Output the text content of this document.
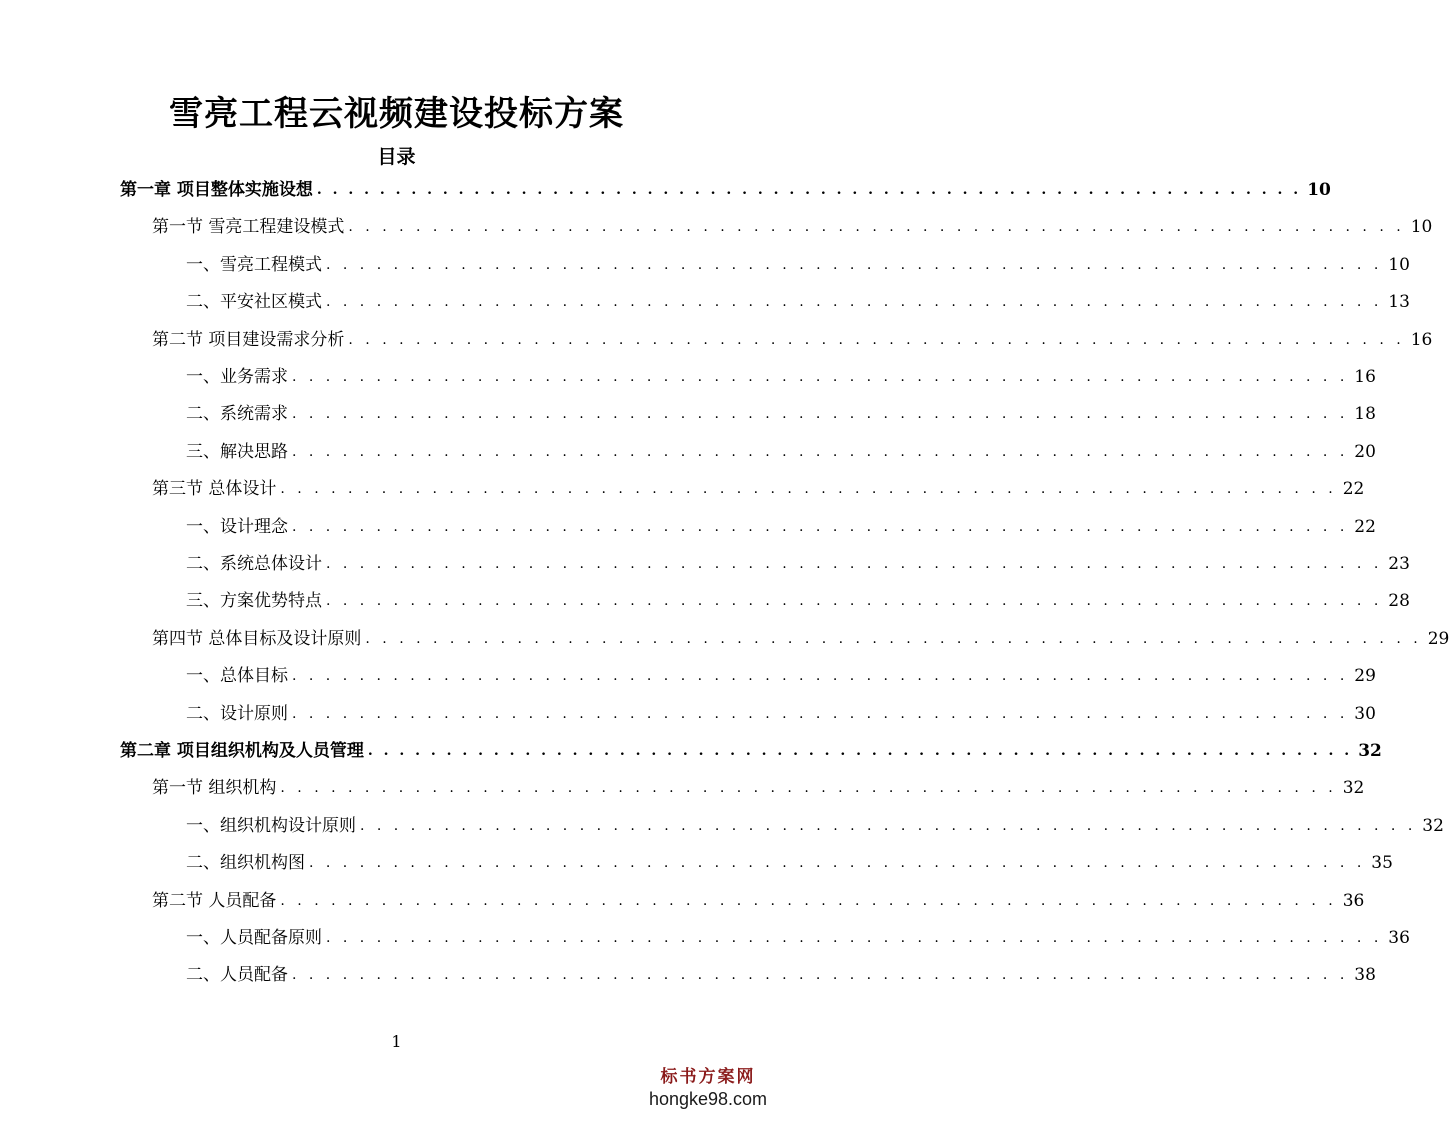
雪亮工程云视频建设投标方案
目录
第一章 项目整体实施设想 . . . . . . . . . . . . . . . . . . . . . . . . . . . . . . . . . . . . . . . . . . . . . . . . . . . . . . . . . . . . . . . 10
第一节 雪亮工程建设模式 . . . . . . . . . . . . . . . . . . . . . . . . . . . . . . . . . . . . . . . . . . . . . . . . . . . . . . . . . . . . . . . 10
一、雪亮工程模式 . . . . . . . . . . . . . . . . . . . . . . . . . . . . . . . . . . . . . . . . . . . . . . . . . . . . . . . . . . . . . . . 10
二、平安社区模式 . . . . . . . . . . . . . . . . . . . . . . . . . . . . . . . . . . . . . . . . . . . . . . . . . . . . . . . . . . . . . . . 13
第二节 项目建设需求分析 . . . . . . . . . . . . . . . . . . . . . . . . . . . . . . . . . . . . . . . . . . . . . . . . . . . . . . . . . . . . . . . 16
一、业务需求 . . . . . . . . . . . . . . . . . . . . . . . . . . . . . . . . . . . . . . . . . . . . . . . . . . . . . . . . . . . . . . . 16
二、系统需求 . . . . . . . . . . . . . . . . . . . . . . . . . . . . . . . . . . . . . . . . . . . . . . . . . . . . . . . . . . . . . . . 18
三、解决思路 . . . . . . . . . . . . . . . . . . . . . . . . . . . . . . . . . . . . . . . . . . . . . . . . . . . . . . . . . . . . . . . 20
第三节 总体设计 . . . . . . . . . . . . . . . . . . . . . . . . . . . . . . . . . . . . . . . . . . . . . . . . . . . . . . . . . . . . . . . 22
一、设计理念 . . . . . . . . . . . . . . . . . . . . . . . . . . . . . . . . . . . . . . . . . . . . . . . . . . . . . . . . . . . . . . . 22
二、系统总体设计 . . . . . . . . . . . . . . . . . . . . . . . . . . . . . . . . . . . . . . . . . . . . . . . . . . . . . . . . . . . . . . . 23
三、方案优势特点 . . . . . . . . . . . . . . . . . . . . . . . . . . . . . . . . . . . . . . . . . . . . . . . . . . . . . . . . . . . . . . . 28
第四节 总体目标及设计原则 . . . . . . . . . . . . . . . . . . . . . . . . . . . . . . . . . . . . . . . . . . . . . . . . . . . . . . . . . . . . . . . 29
一、总体目标 . . . . . . . . . . . . . . . . . . . . . . . . . . . . . . . . . . . . . . . . . . . . . . . . . . . . . . . . . . . . . . . 29
二、设计原则 . . . . . . . . . . . . . . . . . . . . . . . . . . . . . . . . . . . . . . . . . . . . . . . . . . . . . . . . . . . . . . . 30
第二章 项目组织机构及人员管理 . . . . . . . . . . . . . . . . . . . . . . . . . . . . . . . . . . . . . . . . . . . . . . . . . . . . . . . . . . . . . . . 32
第一节 组织机构 . . . . . . . . . . . . . . . . . . . . . . . . . . . . . . . . . . . . . . . . . . . . . . . . . . . . . . . . . . . . . . . 32
一、组织机构设计原则 . . . . . . . . . . . . . . . . . . . . . . . . . . . . . . . . . . . . . . . . . . . . . . . . . . . . . . . . . . . . . . . 32
二、组织机构图 . . . . . . . . . . . . . . . . . . . . . . . . . . . . . . . . . . . . . . . . . . . . . . . . . . . . . . . . . . . . . . . 35
第二节 人员配备 . . . . . . . . . . . . . . . . . . . . . . . . . . . . . . . . . . . . . . . . . . . . . . . . . . . . . . . . . . . . . . . 36
一、人员配备原则 . . . . . . . . . . . . . . . . . . . . . . . . . . . . . . . . . . . . . . . . . . . . . . . . . . . . . . . . . . . . . . . 36
二、人员配备 . . . . . . . . . . . . . . . . . . . . . . . . . . . . . . . . . . . . . . . . . . . . . . . . . . . . . . . . . . . . . . . 38
1
标书方案网
hongke98.com
